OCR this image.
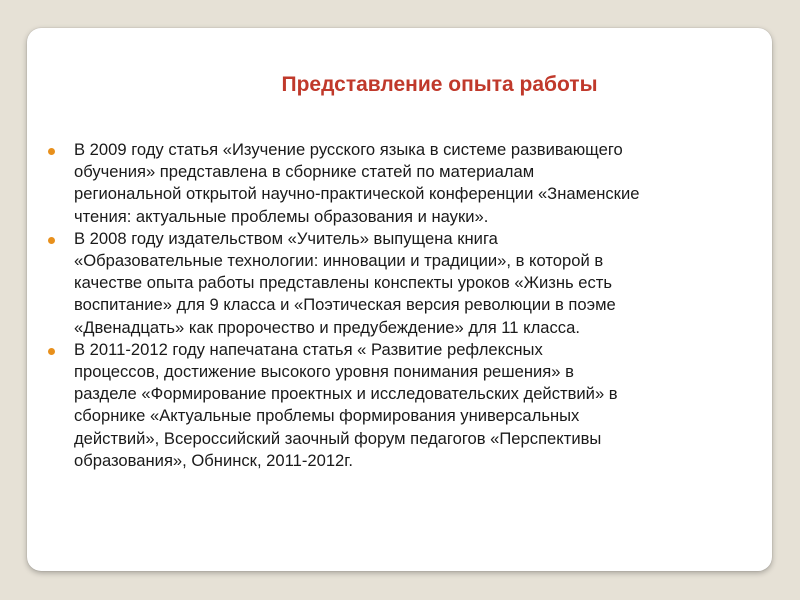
Представление опыта работы
В 2009 году статья «Изучение русского языка в системе развивающего
обучения» представлена в сборнике статей по материалам
региональной открытой научно-практической конференции «Знаменские
чтения: актуальные проблемы образования и науки».
В 2008 году издательством «Учитель» выпущена книга
«Образовательные технологии: инновации и традиции», в которой в
качестве опыта работы представлены конспекты уроков «Жизнь есть
воспитание» для 9 класса и «Поэтическая версия революции в поэме
«Двенадцать» как пророчество и предубеждение» для 11 класса.
В 2011-2012 году напечатана статья « Развитие рефлексных
процессов, достижение высокого уровня понимания решения» в
разделе «Формирование проектных и исследовательских действий» в
сборнике «Актуальные проблемы формирования универсальных
действий», Всероссийский заочный форум педагогов «Перспективы
образования», Обнинск, 2011-2012г.
